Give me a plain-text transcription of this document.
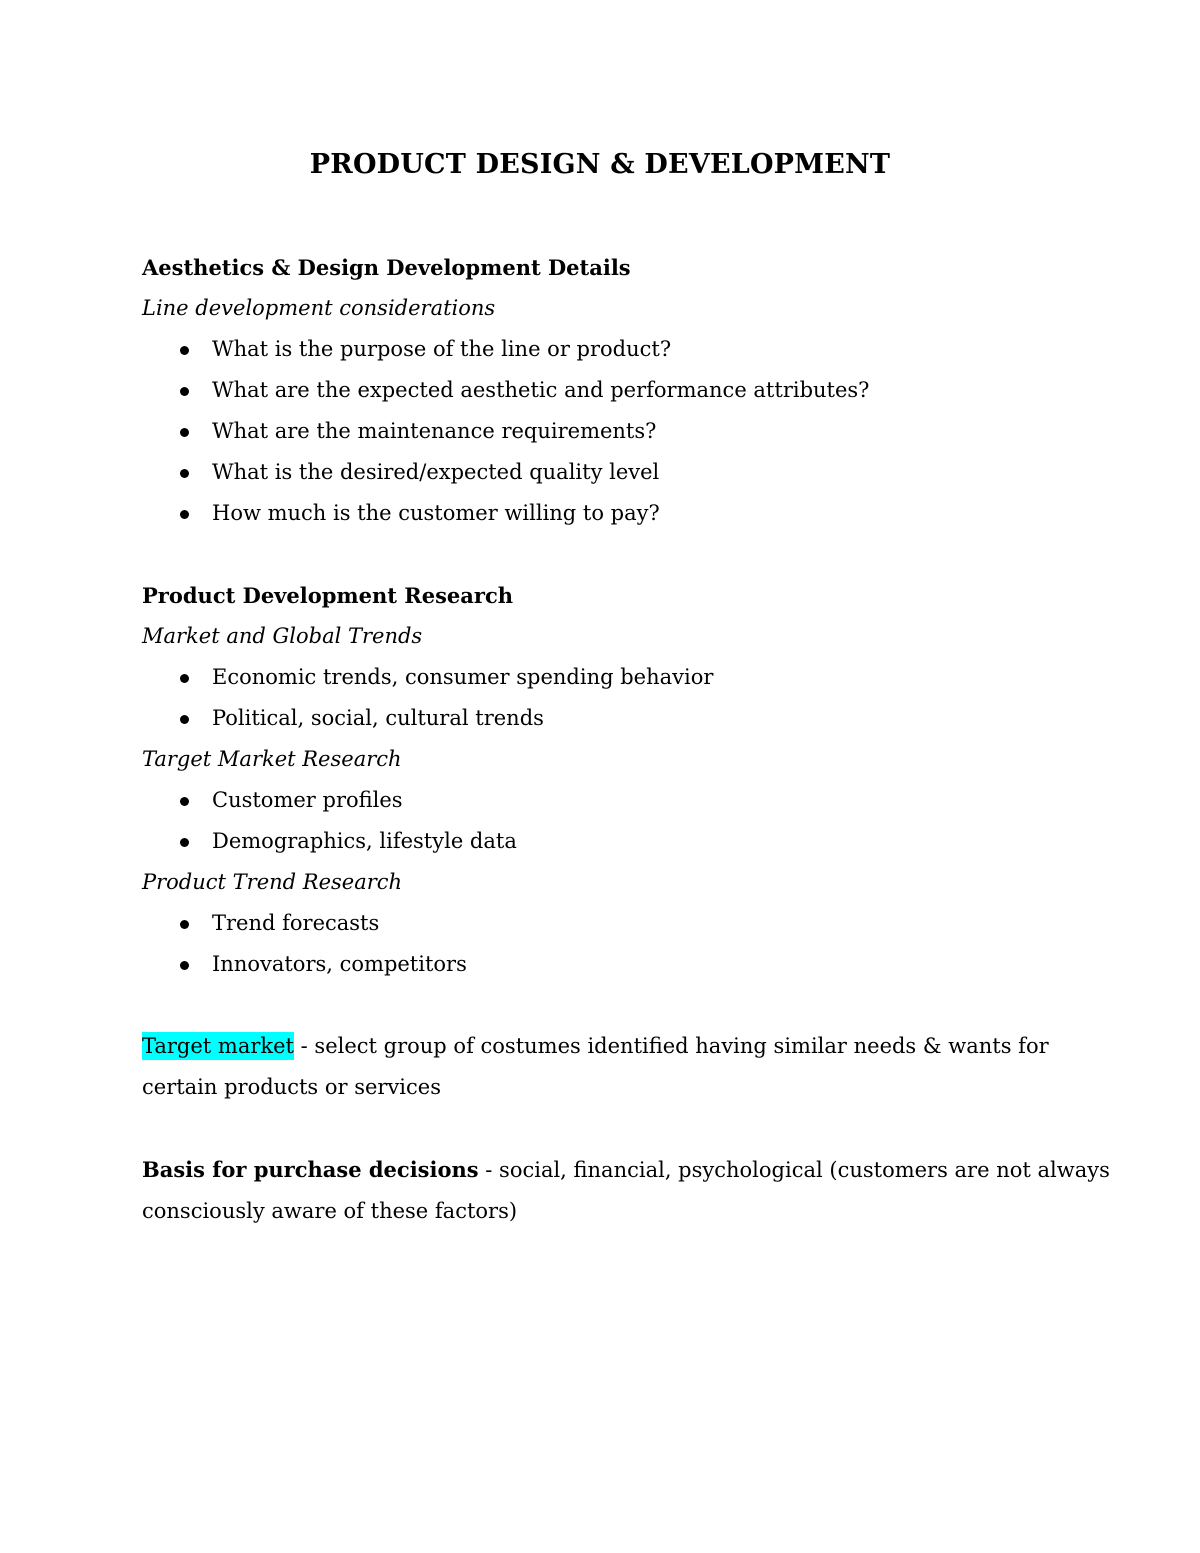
PRODUCT DESIGN & DEVELOPMENT
Aesthetics & Design Development Details
Line development considerations
What is the purpose of the line or product?
What are the expected aesthetic and performance attributes?
What are the maintenance requirements?
What is the desired/expected quality level
How much is the customer willing to pay?
Product Development Research
Market and Global Trends
Economic trends, consumer spending behavior
Political, social, cultural trends
Target Market Research
Customer profiles
Demographics, lifestyle data
Product Trend Research
Trend forecasts
Innovators, competitors
Target market - select group of costumes identified having similar needs & wants for
certain products or services
Basis for purchase decisions - social, financial, psychological (customers are not always
consciously aware of these factors)
